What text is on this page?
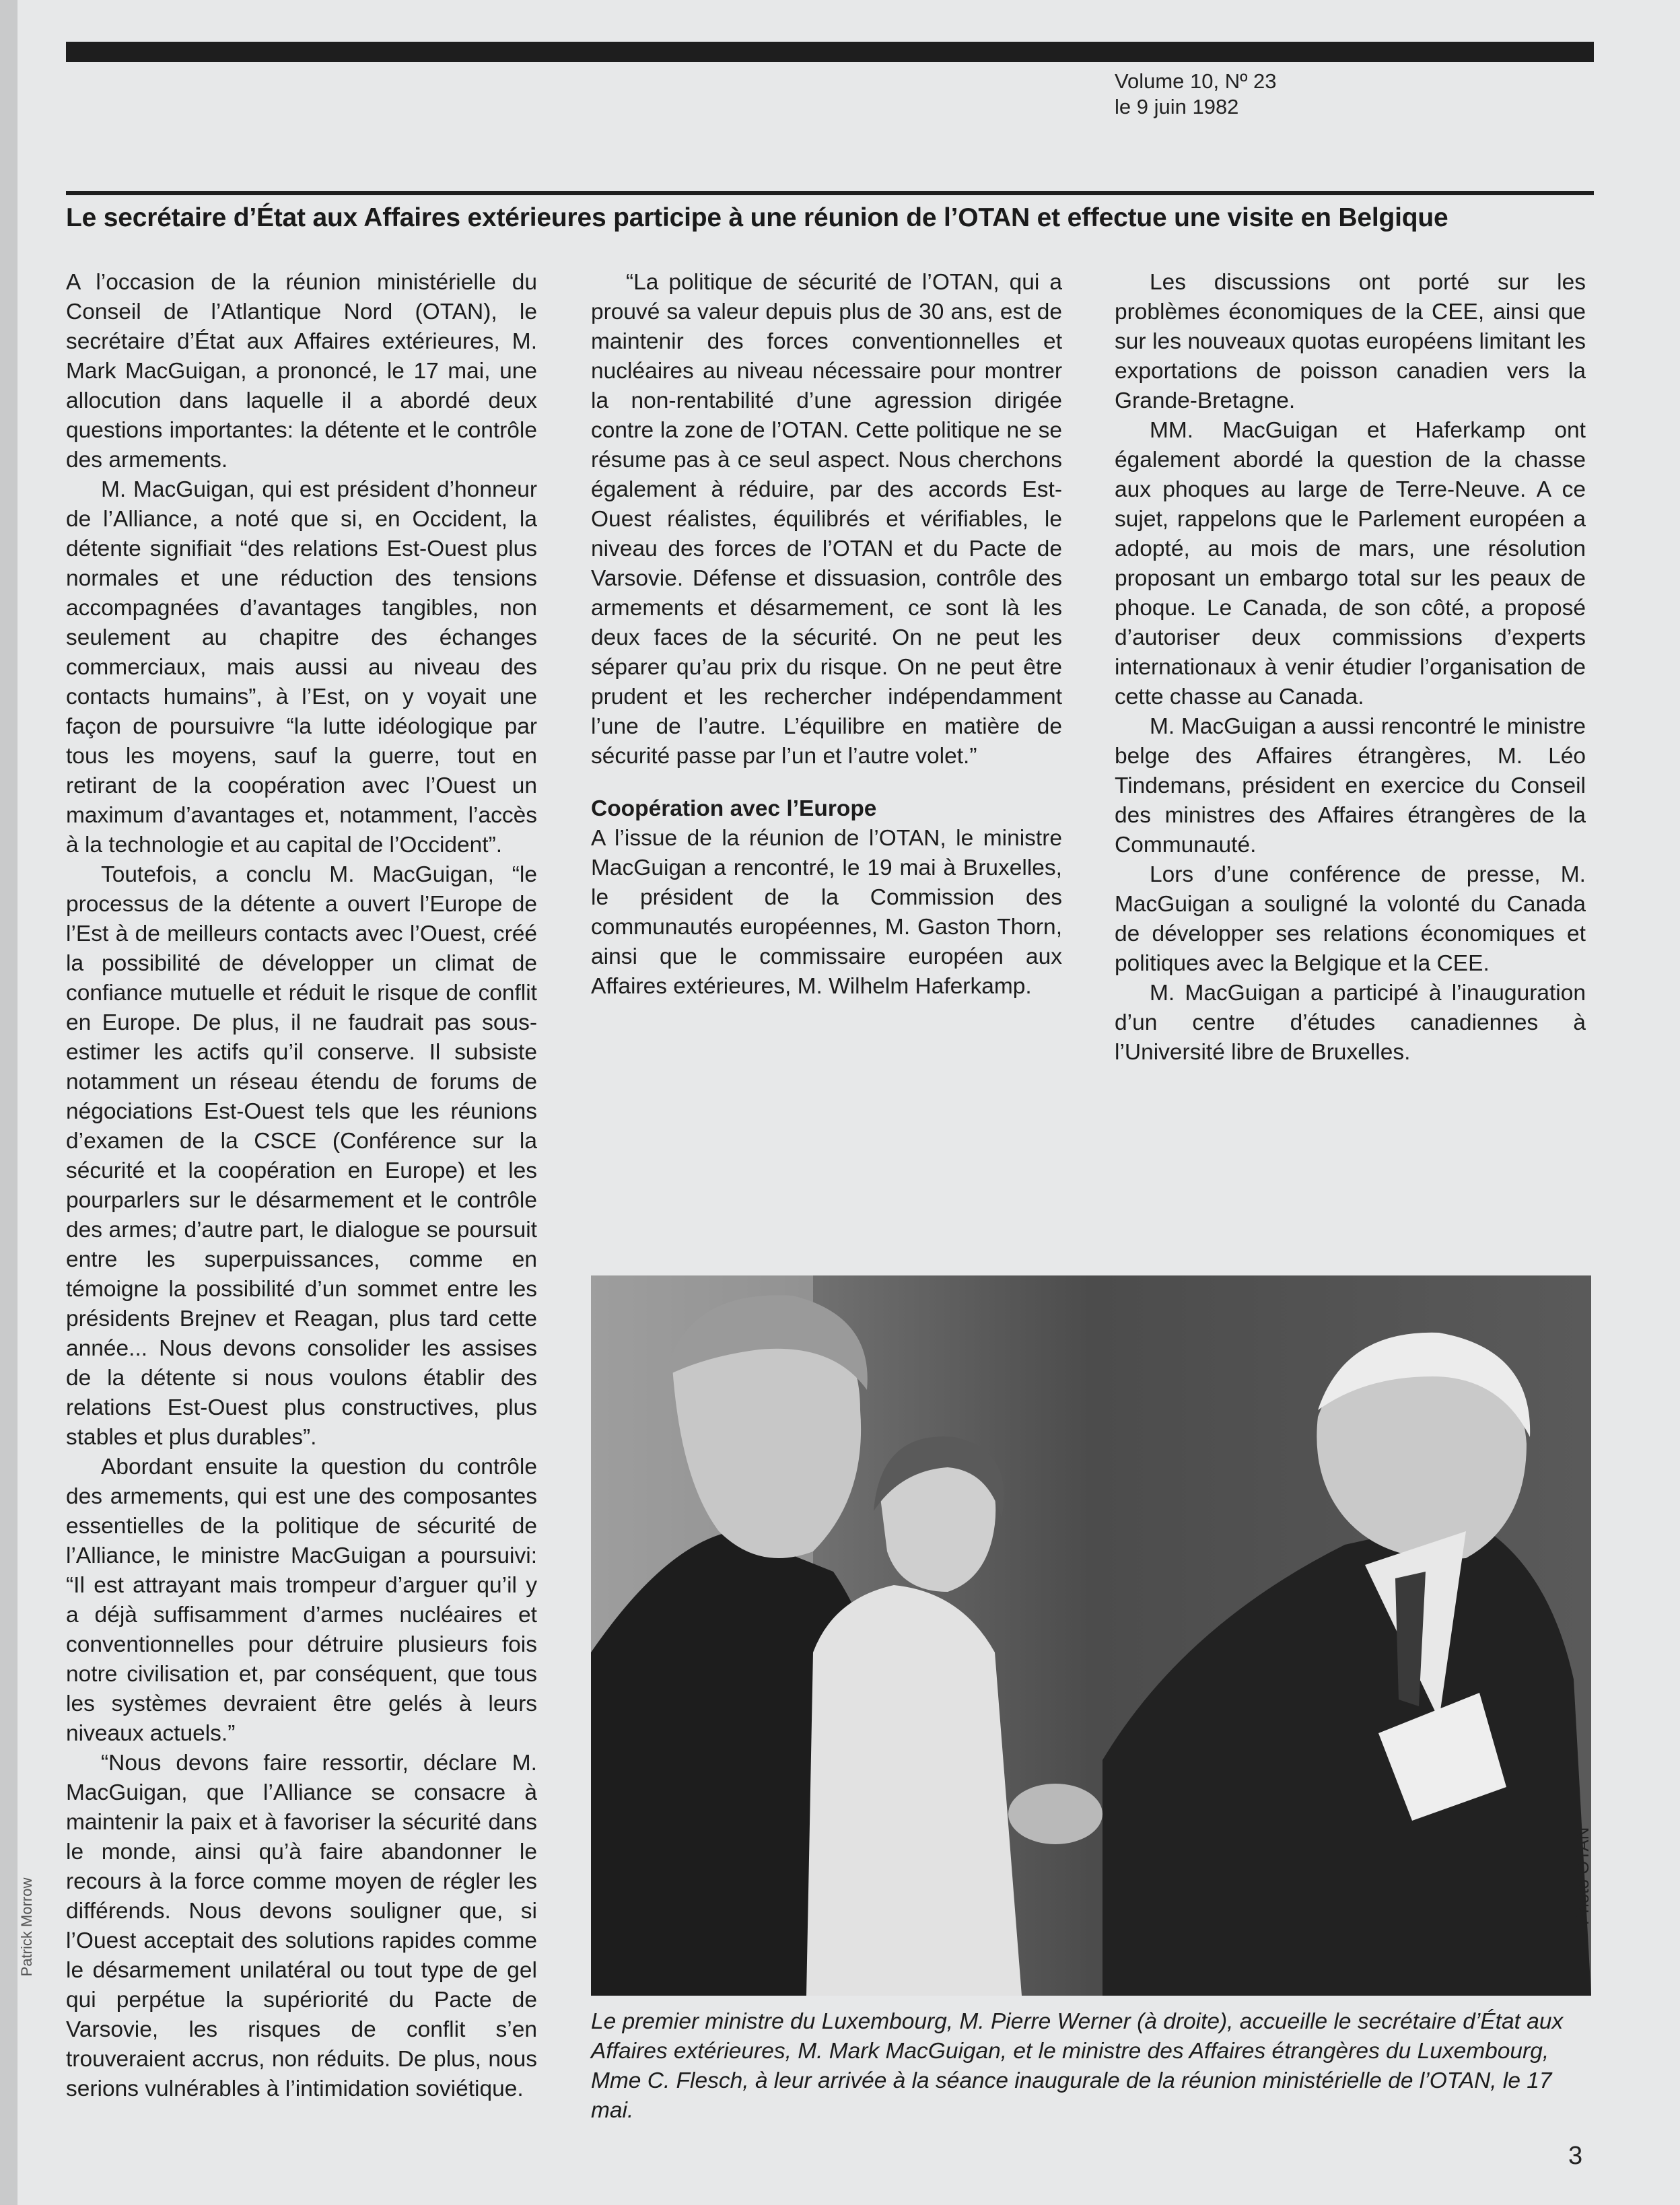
Patrick Morrow
Volume 10, Nº 23
le 9 juin 1982
Le secrétaire d’État aux Affaires extérieures participe à une réunion de l’OTAN et effectue une visite en Belgique

A l’occasion de la réunion ministérielle du Conseil de l’Atlantique Nord (OTAN), le secrétaire d’État aux Affaires extérieures, M. Mark MacGuigan, a prononcé, le 17 mai, une allocution dans laquelle il a abordé deux questions importantes: la détente et le contrôle des armements.

M. MacGuigan, qui est président d’honneur de l’Alliance, a noté que si, en Occident, la détente signifiait “des relations Est-Ouest plus normales et une réduction des tensions accompagnées d’avantages tangibles, non seulement au chapitre des échanges commerciaux, mais aussi au niveau des contacts humains”, à l’Est, on y voyait une façon de poursuivre “la lutte idéologique par tous les moyens, sauf la guerre, tout en retirant de la coopération avec l’Ouest un maximum d’avantages et, notamment, l’accès à la technologie et au capital de l’Occident”.

Toutefois, a conclu M. MacGuigan, “le processus de la détente a ouvert l’Europe de l’Est à de meilleurs contacts avec l’Ouest, créé la possibilité de développer un climat de confiance mutuelle et réduit le risque de conflit en Europe. De plus, il ne faudrait pas sous-estimer les actifs qu’il conserve. Il subsiste notamment un réseau étendu de forums de négociations Est-Ouest tels que les réunions d’examen de la CSCE (Conférence sur la sécurité et la coopération en Europe) et les pourparlers sur le désarmement et le contrôle des armes; d’autre part, le dialogue se poursuit entre les superpuissances, comme en témoigne la possibilité d’un sommet entre les présidents Brejnev et Reagan, plus tard cette année... Nous devons consolider les assises de la détente si nous voulons établir des relations Est-Ouest plus constructives, plus stables et plus durables”.

Abordant ensuite la question du contrôle des armements, qui est une des composantes essentielles de la politique de sécurité de l’Alliance, le ministre MacGuigan a poursuivi: “Il est attrayant mais trompeur d’arguer qu’il y a déjà suffisamment d’armes nucléaires et conventionnelles pour détruire plusieurs fois notre civilisation et, par conséquent, que tous les systèmes devraient être gelés à leurs niveaux actuels.”

“Nous devons faire ressortir, déclare M. MacGuigan, que l’Alliance se consacre à maintenir la paix et à favoriser la sécurité dans le monde, ainsi qu’à faire abandonner le recours à la force comme moyen de régler les différends. Nous devons souligner que, si l’Ouest acceptait des solutions rapides comme le désarmement unilatéral ou tout type de gel qui perpétue la supériorité du Pacte de Varsovie, les risques de conflit s’en trouveraient accrus, non réduits. De plus, nous serions vulnérables à l’intimidation soviétique.

“La politique de sécurité de l’OTAN, qui a prouvé sa valeur depuis plus de 30 ans, est de maintenir des forces conventionnelles et nucléaires au niveau nécessaire pour montrer la non-rentabilité d’une agression dirigée contre la zone de l’OTAN. Cette politique ne se résume pas à ce seul aspect. Nous cherchons également à réduire, par des accords Est-Ouest réalistes, équilibrés et vérifiables, le niveau des forces de l’OTAN et du Pacte de Varsovie. Défense et dissuasion, contrôle des armements et désarmement, ce sont là les deux faces de la sécurité. On ne peut les séparer qu’au prix du risque. On ne peut être prudent et les rechercher indépendamment l’une de l’autre. L’équilibre en matière de sécurité passe par l’un et l’autre volet.”

Coopération avec l’Europe

A l’issue de la réunion de l’OTAN, le ministre MacGuigan a rencontré, le 19 mai à Bruxelles, le président de la Commission des communautés européennes, M. Gaston Thorn, ainsi que le commissaire européen aux Affaires extérieures, M. Wilhelm Haferkamp.

Les discussions ont porté sur les problèmes économiques de la CEE, ainsi que sur les nouveaux quotas européens limitant les exportations de poisson canadien vers la Grande-Bretagne.

MM. MacGuigan et Haferkamp ont également abordé la question de la chasse aux phoques au large de Terre-Neuve. A ce sujet, rappelons que le Parlement européen a adopté, au mois de mars, une résolution proposant un embargo total sur les peaux de phoque. Le Canada, de son côté, a proposé d’autoriser deux commissions d’experts internationaux à venir étudier l’organisation de cette chasse au Canada.

M. MacGuigan a aussi rencontré le ministre belge des Affaires étrangères, M. Léo Tindemans, président en exercice du Conseil des ministres des Affaires étrangères de la Communauté.

Lors d’une conférence de presse, M. MacGuigan a souligné la volonté du Canada de développer ses relations économiques et politiques avec la Belgique et la CEE.

M. MacGuigan a participé à l’inauguration d’un centre d’études canadiennes à l’Université libre de Bruxelles.

Photo OTAN
Le premier ministre du Luxembourg, M. Pierre Werner (à droite), accueille le secrétaire d’État aux Affaires extérieures, M. Mark MacGuigan, et le ministre des Affaires étrangères du Luxembourg, Mme C. Flesch, à leur arrivée à la séance inaugurale de la réunion ministérielle de l’OTAN, le 17 mai.
3
